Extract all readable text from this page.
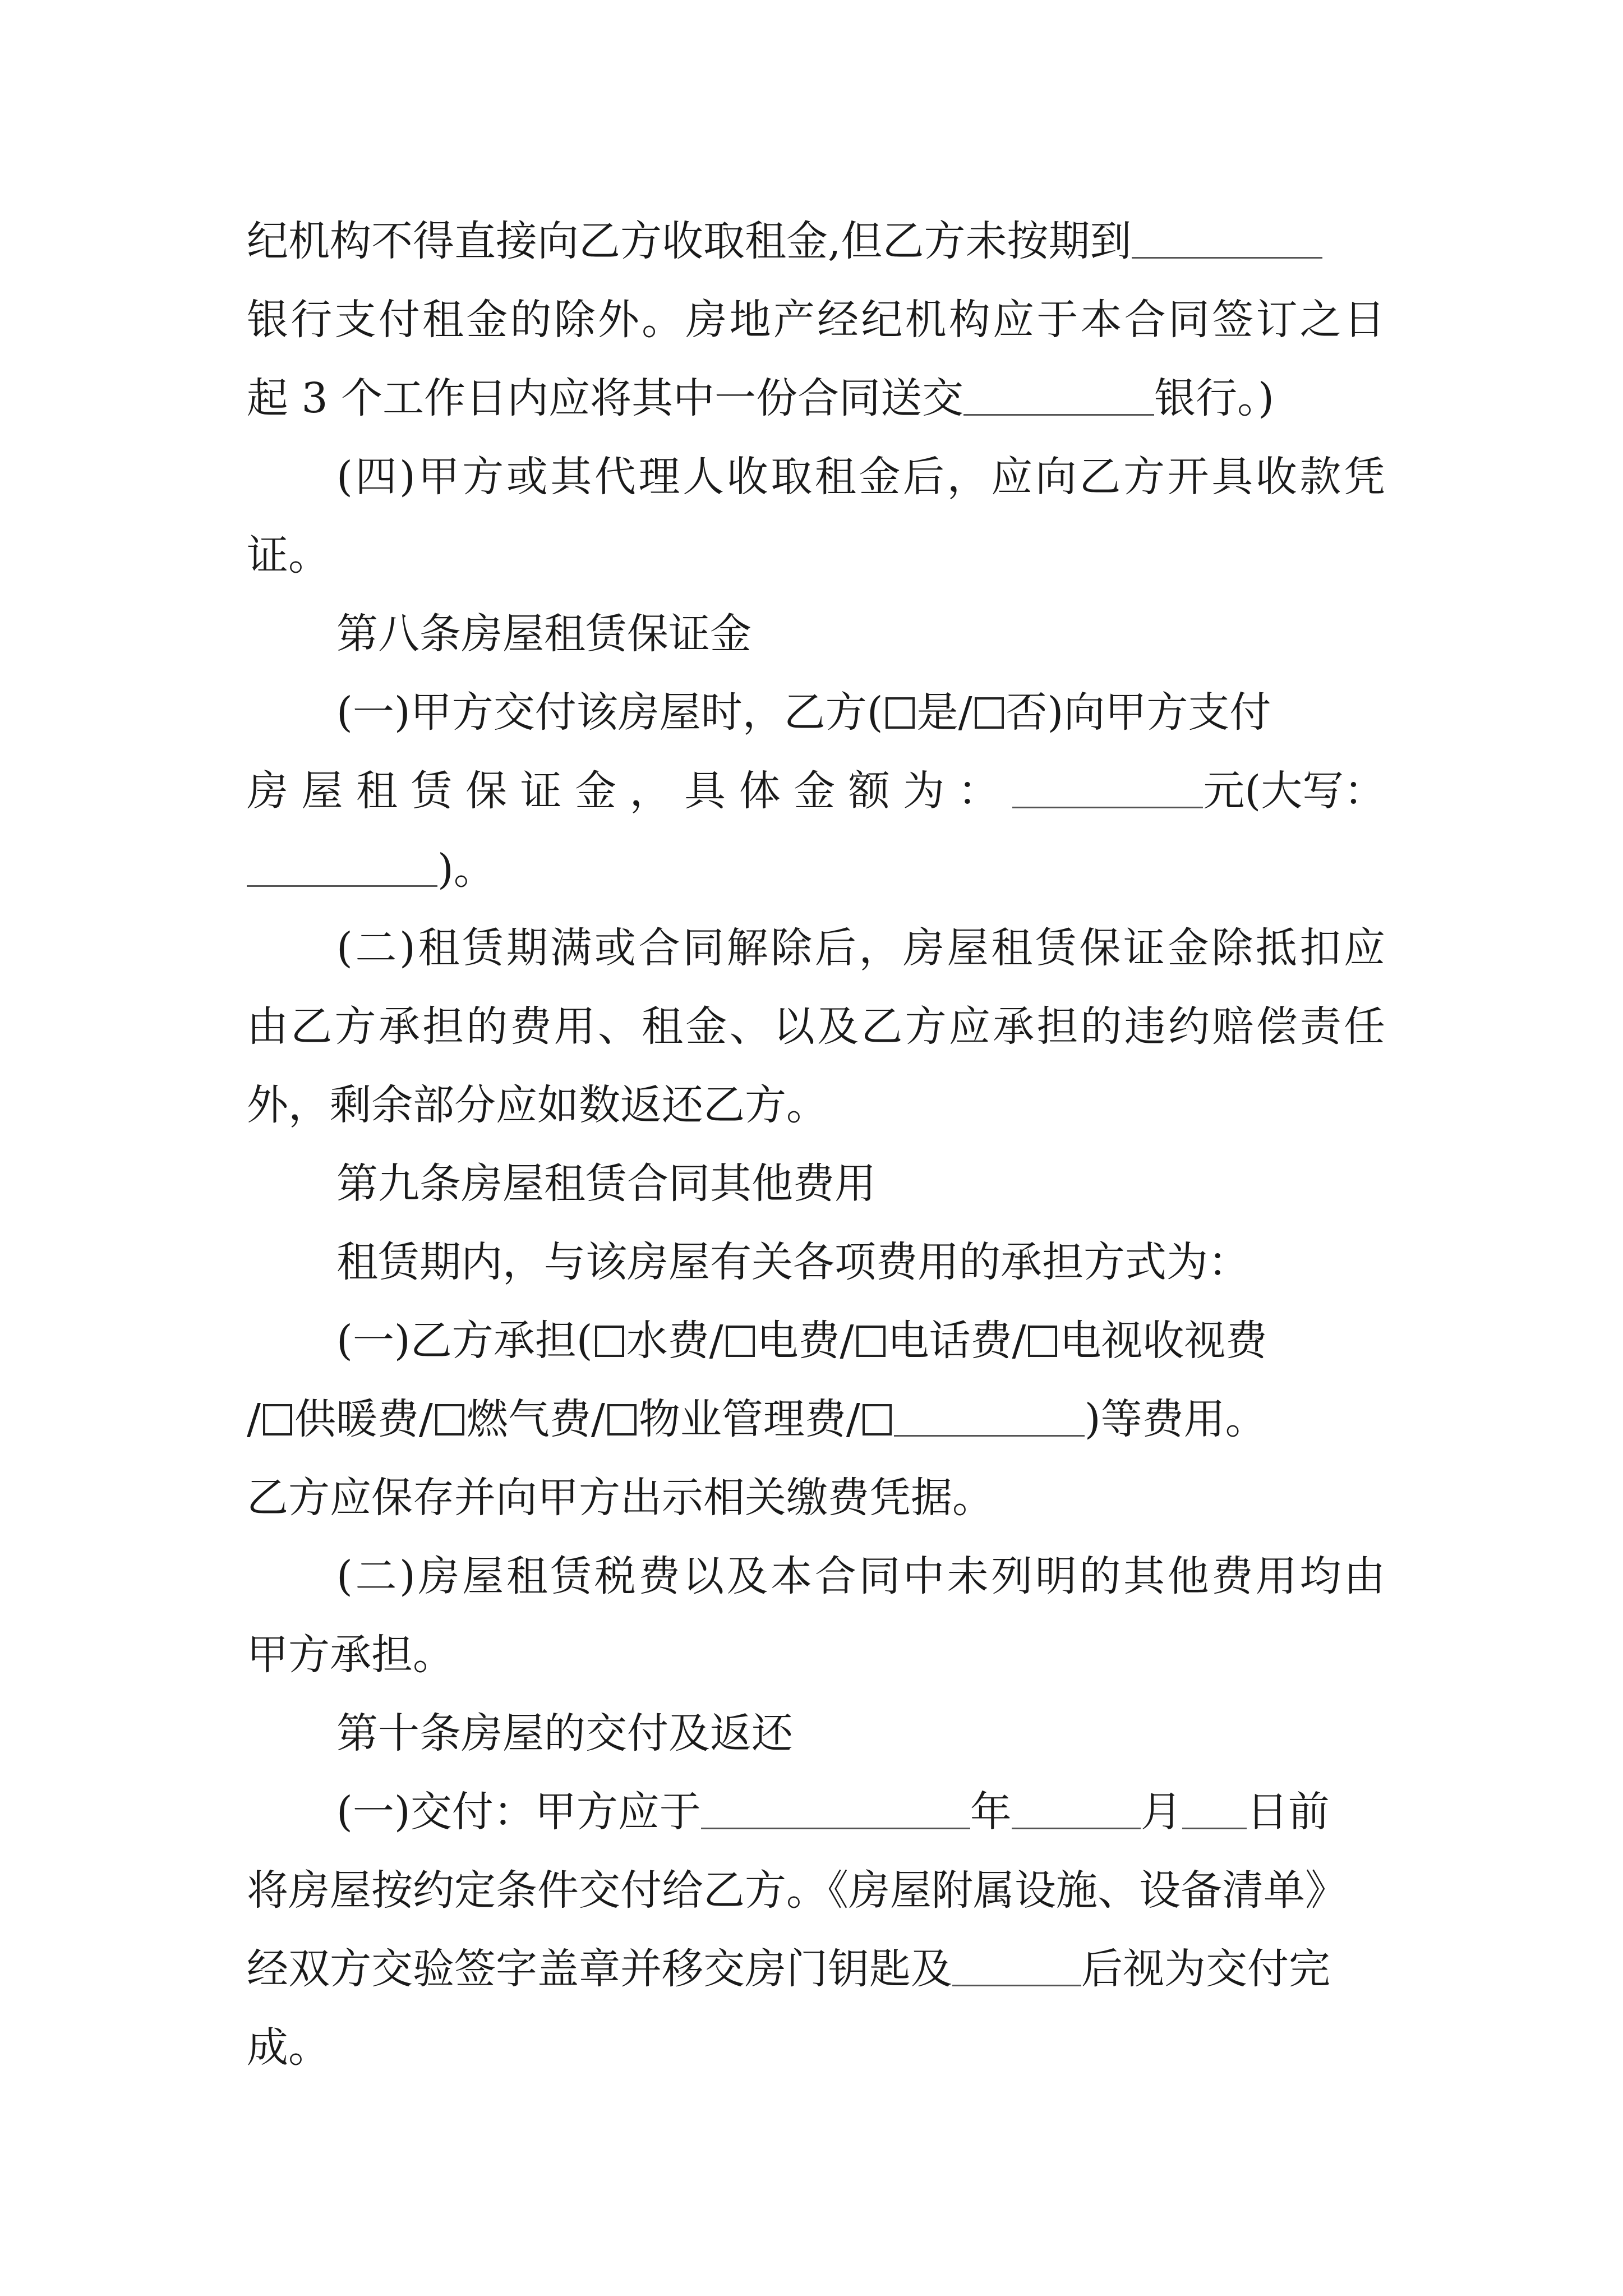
纪机构不得直接向乙方收取租金,但乙方未按期到
银行支付租金的除外。房地产经纪机构应于本合同签订之日
起 3 个工作日内应将其中一份合同送交	银行。)
(四)甲方或其代理人收取租金后，应向乙方开具收款凭
证。
第八条房屋租赁保证金
(一)甲方交付该房屋时，乙方( 是/ 否)向甲方支付
房 屋 租 赁 保 证 金 ， 具 体 金 额 为 ：	元(大写：
)。
(二)租赁期满或合同解除后，房屋租赁保证金除抵扣应
由乙方承担的费用、租金、以及乙方应承担的违约赔偿责任
外，剩余部分应如数返还乙方。
第九条房屋租赁合同其他费用
租赁期内，与该房屋有关各项费用的承担方式为：
(一)乙方承担( 水费/ 电费/ 电话费/ 电视收视费
/ 供暖费/ 燃气费/ 物业管理费/	)等费用。
乙方应保存并向甲方出示相关缴费凭据。
(二)房屋租赁税费以及本合同中未列明的其他费用均由
甲方承担。
第十条房屋的交付及返还
(一)交付：甲方应于	年	月 日前
将房屋按约定条件交付给乙方。《房屋附属设施、设备清单》
经双方交验签字盖章并移交房门钥匙及	后视为交付完
成。
